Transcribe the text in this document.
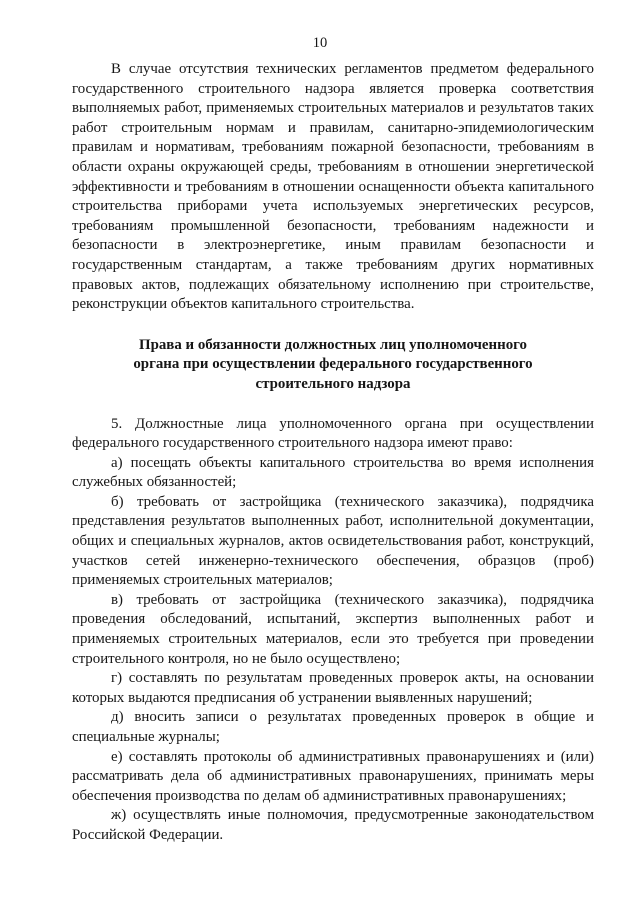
10

В случае отсутствия технических регламентов предметом федерального государственного строительного надзора является проверка соответствия выполняемых работ, применяемых строительных материалов и результатов таких работ строительным нормам и правилам, санитарно-эпидемиологическим правилам и нормативам, требованиям пожарной безопасности, требованиям в области охраны окружающей среды, требованиям в отношении энергетической эффективности и требованиям в отношении оснащенности объекта капитального строительства приборами учета используемых энергетических ресурсов, требованиям промышленной безопасности, требованиям надежности и безопасности в электроэнергетике, иным правилам безопасности и государственным стандартам, а также требованиям других нормативных правовых актов, подлежащих обязательному исполнению при строительстве, реконструкции объектов капитального строительства.

Права и обязанности должностных лиц уполномоченного
органа при осуществлении федерального государственного
строительного надзора

5. Должностные лица уполномоченного органа при осуществлении федерального государственного строительного надзора имеют право:

а) посещать объекты капитального строительства во время исполнения служебных обязанностей;

б) требовать от застройщика (технического заказчика), подрядчика представления результатов выполненных работ, исполнительной документации, общих и специальных журналов, актов освидетельствования работ, конструкций, участков сетей инженерно-технического обеспечения, образцов (проб) применяемых строительных материалов;

в) требовать от застройщика (технического заказчика), подрядчика проведения обследований, испытаний, экспертиз выполненных работ и применяемых строительных материалов, если это требуется при проведении строительного контроля, но не было осуществлено;

г) составлять по результатам проведенных проверок акты, на основании которых выдаются предписания об устранении выявленных нарушений;

д) вносить записи о результатах проведенных проверок в общие и специальные журналы;

е) составлять протоколы об административных правонарушениях и (или) рассматривать дела об административных правонарушениях, принимать меры обеспечения производства по делам об административных правонарушениях;

ж) осуществлять иные полномочия, предусмотренные законодательством Российской Федерации.
